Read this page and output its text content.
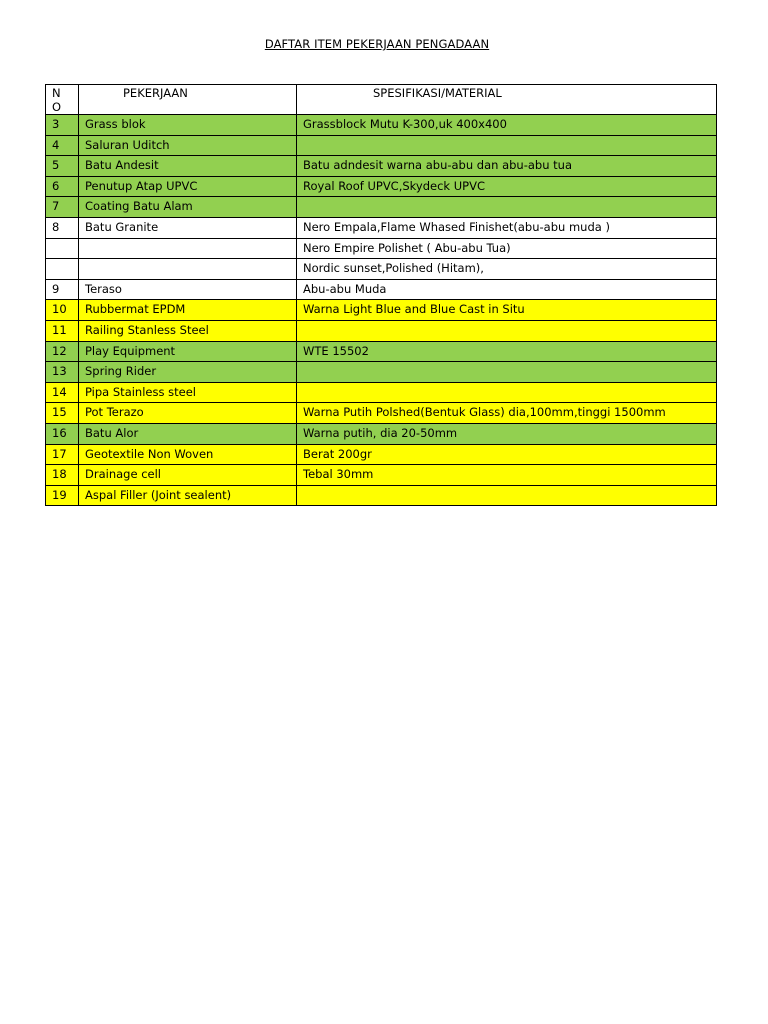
DAFTAR ITEM PEKERJAAN PENGADAAN
NO	PEKERJAAN	SPESIFIKASI/MATERIAL
3	Grass blok	Grassblock Mutu K-300,uk 400x400
4	Saluran Uditch	
5	Batu Andesit	Batu adndesit warna abu-abu dan abu-abu tua
6	Penutup Atap UPVC	Royal Roof UPVC,Skydeck UPVC
7	Coating Batu Alam	
8	Batu Granite	Nero Empala,Flame Whased Finishet(abu-abu muda )
		Nero Empire Polishet ( Abu-abu Tua)
		Nordic sunset,Polished (Hitam),
9	Teraso	Abu-abu Muda
10	Rubbermat EPDM	Warna Light Blue and Blue Cast in Situ
11	Railing Stanless Steel	
12	Play Equipment	WTE 15502
13	Spring Rider	
14	Pipa Stainless steel	
15	Pot Terazo	Warna Putih Polshed(Bentuk Glass) dia,100mm,tinggi 1500mm
16	Batu Alor	Warna putih, dia 20-50mm
17	Geotextile Non Woven	Berat 200gr
18	Drainage cell	Tebal 30mm
19	Aspal Filler (Joint sealent)	
